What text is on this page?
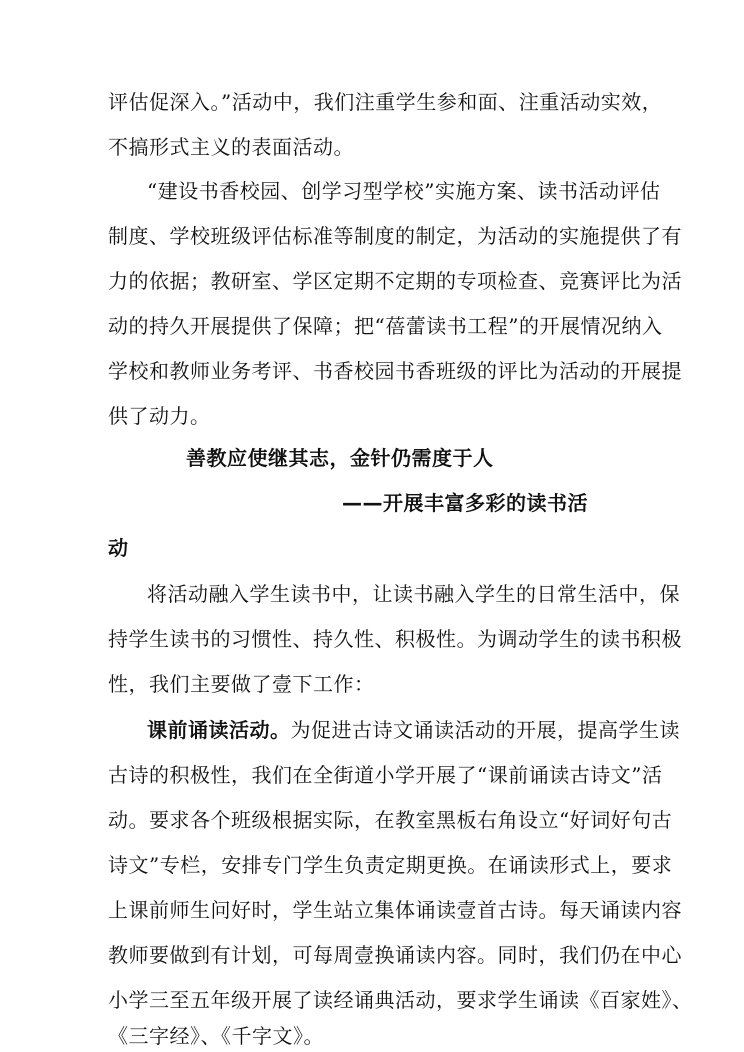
评估促深入。”活动中，我们注重学生参和面、注重活动实效，
不搞形式主义的表面活动。
“建设书香校园、创学习型学校”实施方案、读书活动评估
制度、学校班级评估标准等制度的制定，为活动的实施提供了有
力的依据；教研室、学区定期不定期的专项检查、竞赛评比为活
动的持久开展提供了保障；把“蓓蕾读书工程”的开展情况纳入
学校和教师业务考评、书香校园书香班级的评比为活动的开展提
供了动力。
善教应使继其志，金针仍需度于人
——开展丰富多彩的读书活
动
将活动融入学生读书中，让读书融入学生的日常生活中，保
持学生读书的习惯性、持久性、积极性。为调动学生的读书积极
性，我们主要做了壹下工作：
课前诵读活动。为促进古诗文诵读活动的开展，提高学生读
古诗的积极性，我们在全街道小学开展了“课前诵读古诗文”活
动。要求各个班级根据实际，在教室黑板右角设立“好词好句古
诗文”专栏，安排专门学生负责定期更换。在诵读形式上，要求
上课前师生问好时，学生站立集体诵读壹首古诗。每天诵读内容
教师要做到有计划，可每周壹换诵读内容。同时，我们仍在中心
小学三至五年级开展了读经诵典活动，要求学生诵读《百家姓》、
《三字经》、《千字文》。
